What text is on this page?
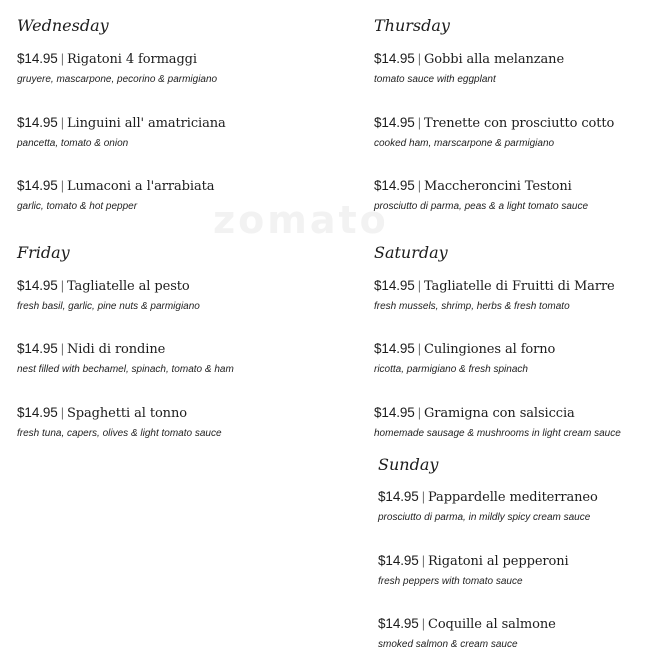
zomato
Wednesday
$14.95 | Rigatoni 4 formaggi
gruyere, mascarpone, pecorino & parmigiano
$14.95 | Linguini all' amatriciana
pancetta, tomato & onion
$14.95 | Lumaconi a l'arrabiata
garlic, tomato & hot pepper
Friday
$14.95 | Tagliatelle al pesto
fresh basil, garlic, pine nuts & parmigiano
$14.95 | Nidi di rondine
nest filled with bechamel, spinach, tomato & ham
$14.95 | Spaghetti al tonno
fresh tuna, capers, olives & light tomato sauce
Thursday
$14.95 | Gobbi alla melanzane
tomato sauce with eggplant
$14.95 | Trenette con prosciutto cotto
cooked ham, marscarpone & parmigiano
$14.95 | Maccheroncini Testoni
prosciutto di parma, peas & a light tomato sauce
Saturday
$14.95 | Tagliatelle di Fruitti di Marre
fresh mussels, shrimp, herbs & fresh tomato
$14.95 | Culingiones al forno
ricotta, parmigiano & fresh spinach
$14.95 | Gramigna con salsiccia
homemade sausage & mushrooms in light cream sauce
Sunday
$14.95 | Pappardelle mediterraneo
prosciutto di parma, in mildly spicy cream sauce
$14.95 | Rigatoni al pepperoni
fresh peppers with tomato sauce
$14.95 | Coquille al salmone
smoked salmon & cream sauce
